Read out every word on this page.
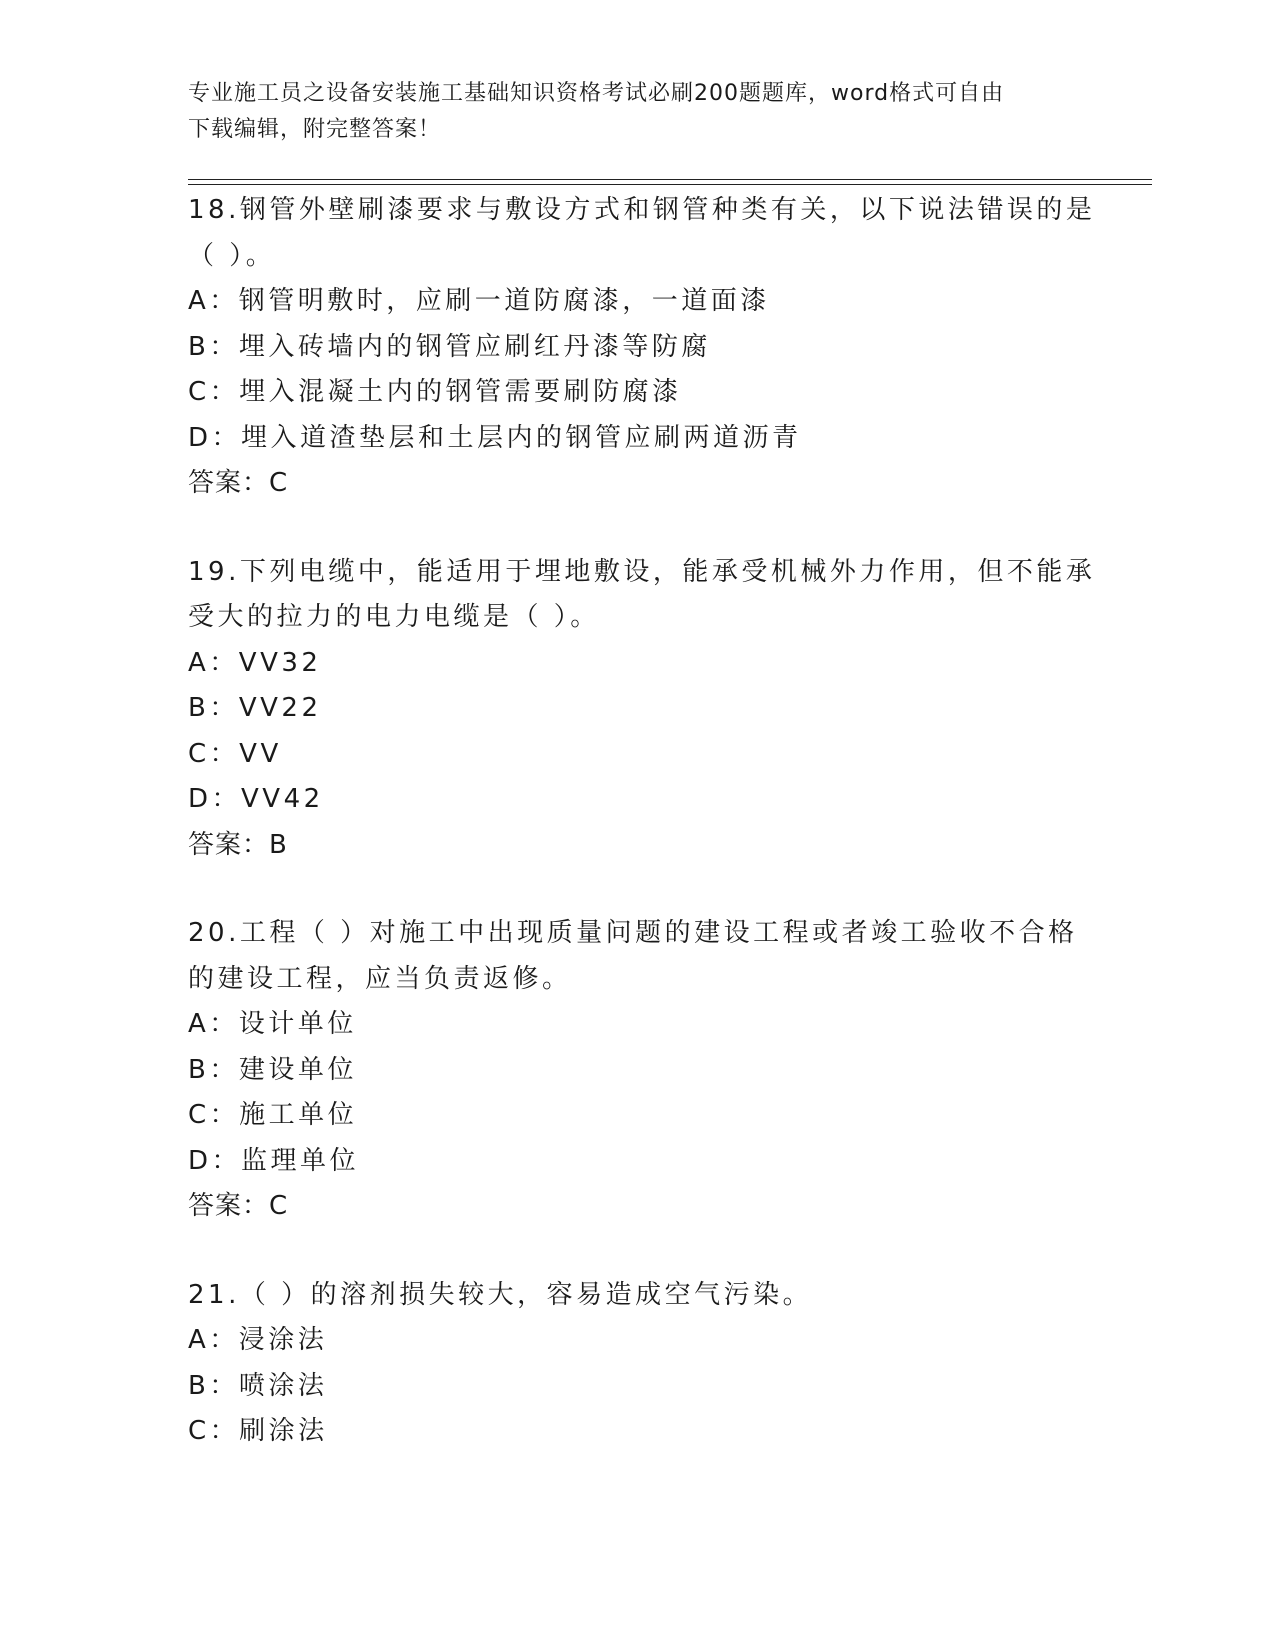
专业施工员之设备安装施工基础知识资格考试必刷200题题库，word格式可自由
下载编辑，附完整答案！
18.钢管外壁刷漆要求与敷设方式和钢管种类有关，以下说法错误的是
（ ）。
A：钢管明敷时，应刷一道防腐漆，一道面漆
B：埋入砖墙内的钢管应刷红丹漆等防腐
C：埋入混凝土内的钢管需要刷防腐漆
D：埋入道渣垫层和土层内的钢管应刷两道沥青
答案：C
19.下列电缆中，能适用于埋地敷设，能承受机械外力作用，但不能承
受大的拉力的电力电缆是（ ）。
A：VV32
B：VV22
C：VV
D：VV42
答案：B
20.工程（ ）对施工中出现质量问题的建设工程或者竣工验收不合格
的建设工程，应当负责返修。
A：设计单位
B：建设单位
C：施工单位
D：监理单位
答案：C
21.（ ）的溶剂损失较大，容易造成空气污染。
A：浸涂法
B：喷涂法
C：刷涂法
